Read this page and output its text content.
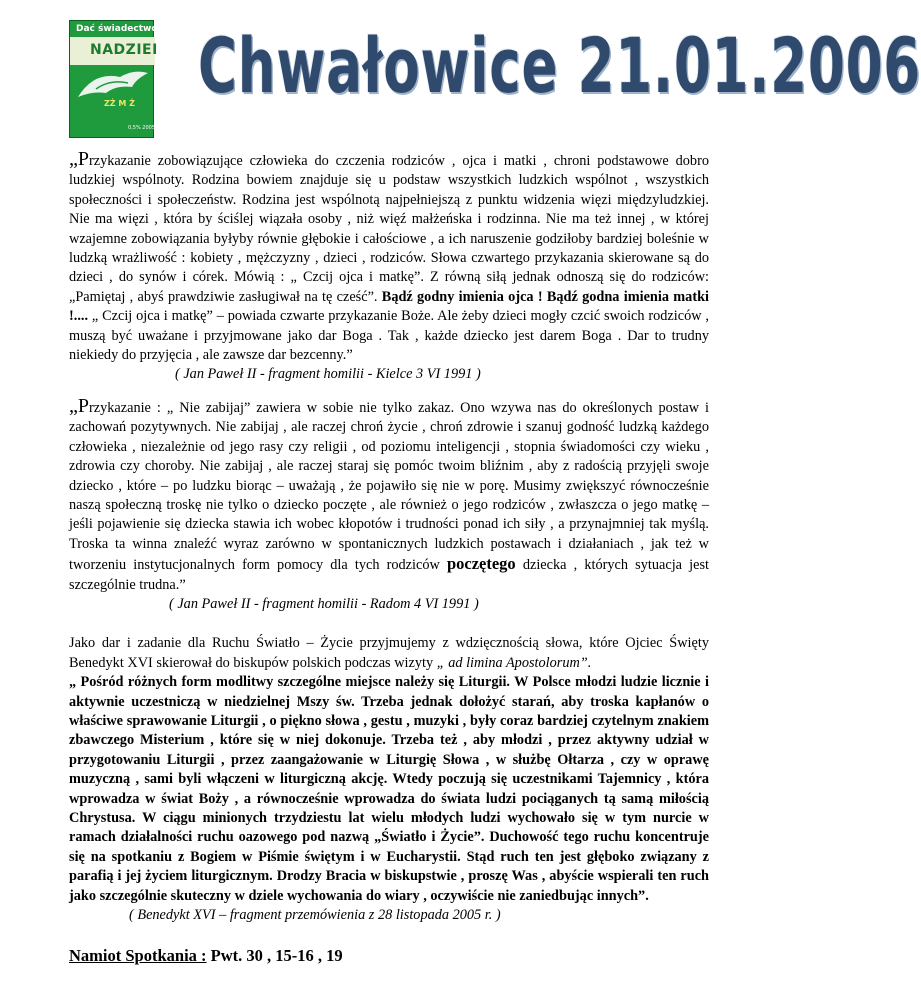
Dać świadectwo
NADZIEI
ZŻ M Ż
0,5% 2005
Chwałowice 21.01.2006

„Przykazanie zobowiązujące człowieka do czczenia rodziców , ojca i matki , chroni podstawowe dobro ludzkiej wspólnoty. Rodzina bowiem znajduje się u podstaw wszystkich ludzkich wspólnot , wszystkich społeczności i społeczeństw. Rodzina jest wspólnotą najpełniejszą z punktu widzenia więzi międzyludzkiej. Nie ma więzi , która by ściślej wiązała osoby , niż więź małżeńska i rodzinna. Nie ma też innej , w której wzajemne zobowiązania byłyby równie głębokie i całościowe , a ich naruszenie godziłoby bardziej boleśnie w ludzką wrażliwość : kobiety , mężczyzny , dzieci , rodziców. Słowa czwartego przykazania skierowane są do dzieci , do synów i córek. Mówią : „ Czcij ojca i matkę”. Z równą siłą jednak odnoszą się do rodziców: „Pamiętaj , abyś prawdziwie zasługiwał na tę cześć”. Bądź godny imienia ojca ! Bądź godna imienia matki !.... „ Czcij ojca i matkę” – powiada czwarte przykazanie Boże. Ale żeby dzieci mogły czcić swoich rodziców , muszą być uważane i przyjmowane jako dar Boga . Tak , każde dziecko jest darem Boga . Dar to trudny niekiedy do przyjęcia , ale zawsze dar bezcenny.”

( Jan Paweł II - fragment homilii - Kielce 3 VI 1991 )

„Przykazanie : „ Nie zabijaj” zawiera w sobie nie tylko zakaz. Ono wzywa nas do określonych postaw i zachowań pozytywnych. Nie zabijaj , ale raczej chroń życie , chroń zdrowie i szanuj godność ludzką każdego człowieka , niezależnie od jego rasy czy religii , od poziomu inteligencji , stopnia świadomości czy wieku , zdrowia czy choroby. Nie zabijaj , ale raczej staraj się pomóc twoim bliźnim , aby z radością przyjęli swoje dziecko , które – po ludzku biorąc – uważają , że pojawiło się nie w porę. Musimy zwiększyć równocześnie naszą społeczną troskę nie tylko o dziecko poczęte , ale również o jego rodziców , zwłaszcza o jego matkę – jeśli pojawienie się dziecka stawia ich wobec kłopotów i trudności ponad ich siły , a przynajmniej tak myślą. Troska ta winna znaleźć wyraz zarówno w spontanicznych ludzkich postawach i działaniach , jak też w tworzeniu instytucjonalnych form pomocy dla tych rodziców poczętego dziecka , których sytuacja jest szczególnie trudna.”

( Jan Paweł II - fragment homilii - Radom 4 VI 1991 )

Jako dar i zadanie dla Ruchu Światło – Życie przyjmujemy z wdzięcznością słowa, które Ojciec Święty Benedykt XVI skierował do biskupów polskich podczas wizyty „ ad limina Apostolorum”.

„ Pośród różnych form modlitwy szczególne miejsce należy się Liturgii. W Polsce młodzi ludzie licznie i aktywnie uczestniczą w niedzielnej Mszy św. Trzeba jednak dołożyć starań, aby troska kapłanów o właściwe sprawowanie Liturgii , o piękno słowa , gestu , muzyki , były coraz bardziej czytelnym znakiem zbawczego Misterium , które się w niej dokonuje. Trzeba też , aby młodzi , przez aktywny udział w przygotowaniu Liturgii , przez zaangażowanie w Liturgię Słowa , w służbę Ołtarza , czy w oprawę muzyczną , sami byli włączeni w liturgiczną akcję. Wtedy poczują się uczestnikami Tajemnicy , która wprowadza w świat Boży , a równocześnie wprowadza do świata ludzi pociąganych tą samą miłością Chrystusa. W ciągu minionych trzydziestu lat wielu młodych ludzi wychowało się w tym nurcie w ramach działalności ruchu oazowego pod nazwą „Światło i Życie”. Duchowość tego ruchu koncentruje się na spotkaniu z Bogiem w Piśmie świętym i w Eucharystii. Stąd ruch ten jest głęboko związany z parafią i jej życiem liturgicznym. Drodzy Bracia w biskupstwie , proszę Was , abyście wspierali ten ruch jako szczególnie skuteczny w dziele wychowania do wiary , oczywiście nie zaniedbując innych”.

( Benedykt XVI – fragment przemówienia z 28 listopada 2005 r. )
Namiot Spotkania : Pwt. 30 , 15-16 , 19
